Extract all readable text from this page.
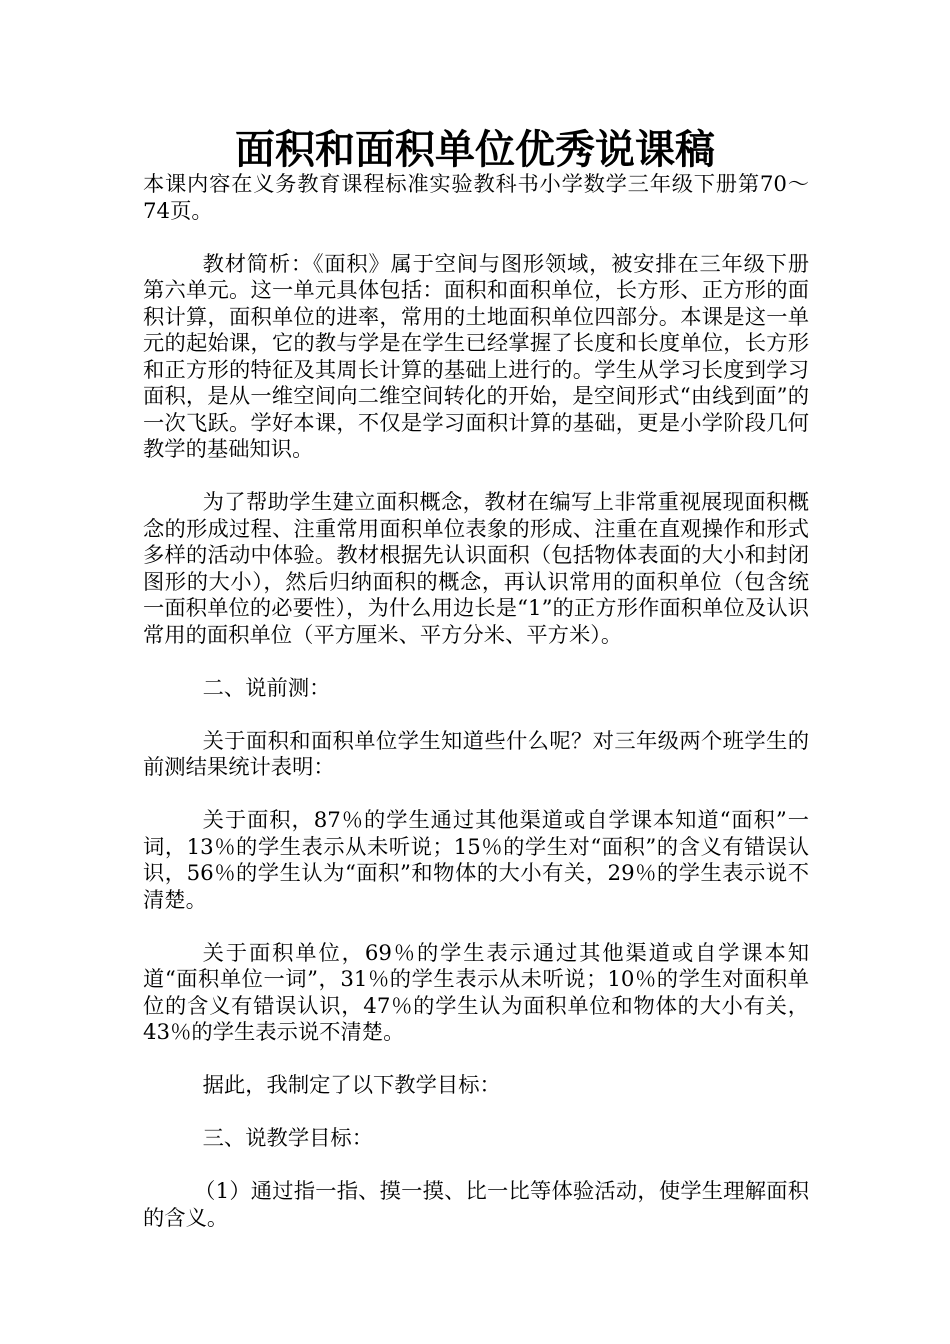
面积和面积单位优秀说课稿

本课内容在义务教育课程标准实验教科书小学数学三年级下册第70～74页。

教材简析：《面积》属于空间与图形领域，被安排在三年级下册第六单元。这一单元具体包括：面积和面积单位，长方形、正方形的面积计算，面积单位的进率，常用的土地面积单位四部分。本课是这一单元的起始课，它的教与学是在学生已经掌握了长度和长度单位，长方形和正方形的特征及其周长计算的基础上进行的。学生从学习长度到学习面积，是从一维空间向二维空间转化的开始，是空间形式“由线到面”的一次飞跃。学好本课，不仅是学习面积计算的基础，更是小学阶段几何教学的基础知识。

为了帮助学生建立面积概念，教材在编写上非常重视展现面积概念的形成过程、注重常用面积单位表象的形成、注重在直观操作和形式多样的活动中体验。教材根据先认识面积（包括物体表面的大小和封闭图形的大小），然后归纳面积的概念，再认识常用的面积单位（包含统一面积单位的必要性），为什么用边长是“1”的正方形作面积单位及认识常用的面积单位（平方厘米、平方分米、平方米）。

二、说前测：

关于面积和面积单位学生知道些什么呢？对三年级两个班学生的前测结果统计表明：

关于面积，87％的学生通过其他渠道或自学课本知道“面积”一词，13％的学生表示从未听说；15％的学生对“面积”的含义有错误认识，56％的学生认为“面积”和物体的大小有关，29％的学生表示说不清楚。

关于面积单位，69％的学生表示通过其他渠道或自学课本知道“面积单位一词”，31％的学生表示从未听说；10％的学生对面积单位的含义有错误认识，47％的学生认为面积单位和物体的大小有关，43％的学生表示说不清楚。

据此，我制定了以下教学目标：

三、说教学目标：

（1）通过指一指、摸一摸、比一比等体验活动，使学生理解面积的含义。
